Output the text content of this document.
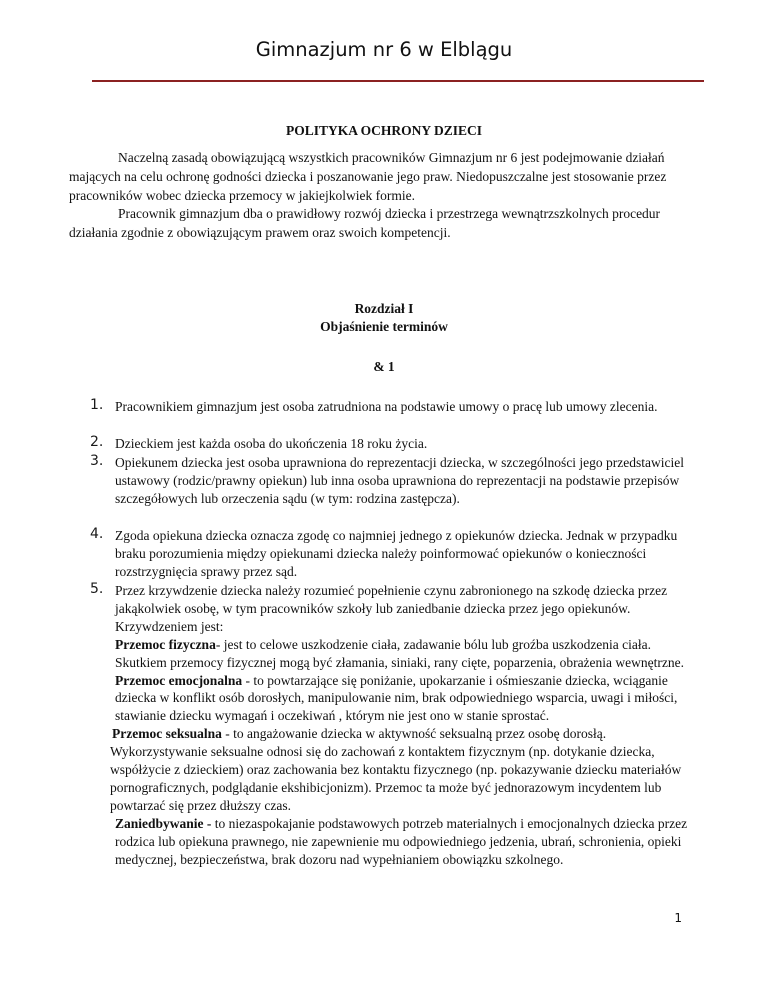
Gimnazjum nr 6 w Elblągu
POLITYKA OCHRONY DZIECI

Naczelną zasadą obowiązującą wszystkich pracowników Gimnazjum nr 6 jest podejmowanie działań mających na celu ochronę godności dziecka i poszanowanie jego praw. Niedopuszczalne jest stosowanie przez pracowników wobec dziecka przemocy w jakiejkolwiek formie.

Pracownik gimnazjum dba o prawidłowy rozwój dziecka i przestrzega wewnątrzszkolnych procedur działania zgodnie z obowiązującym prawem oraz swoich kompetencji.

Rozdział I
Objaśnienie terminów
& 1
1. Pracownikiem gimnazjum jest osoba zatrudniona na podstawie umowy o pracę lub umowy zlecenia.
2. Dzieckiem jest każda osoba do ukończenia 18 roku życia.
3. Opiekunem dziecka jest osoba uprawniona do reprezentacji dziecka, w szczególności jego przedstawiciel ustawowy (rodzic/prawny opiekun) lub inna osoba uprawniona do reprezentacji na podstawie przepisów szczegółowych lub orzeczenia sądu (w tym: rodzina zastępcza).
4. Zgoda opiekuna dziecka oznacza zgodę co najmniej jednego z opiekunów dziecka. Jednak w przypadku braku porozumienia między opiekunami dziecka należy poinformować opiekunów o konieczności rozstrzygnięcia sprawy przez sąd.
5. Przez krzywdzenie dziecka należy rozumieć popełnienie czynu zabronionego na szkodę dziecka przez jakąkolwiek osobę, w tym pracowników szkoły lub zaniedbanie dziecka przez jego opiekunów.
Krzywdzeniem jest:
Przemoc fizyczna- jest to celowe uszkodzenie ciała, zadawanie bólu lub groźba uszkodzenia ciała. Skutkiem przemocy fizycznej mogą być złamania, siniaki, rany cięte, poparzenia, obrażenia wewnętrzne.
Przemoc emocjonalna - to powtarzające się poniżanie, upokarzanie i ośmieszanie dziecka, wciąganie dziecka w konflikt osób dorosłych, manipulowanie nim, brak odpowiedniego wsparcia, uwagi i miłości, stawianie dziecku wymagań i oczekiwań , którym nie jest ono w stanie sprostać.
Przemoc seksualna - to angażowanie dziecka w aktywność seksualną przez osobę dorosłą.
Wykorzystywanie seksualne odnosi się do zachowań z kontaktem fizycznym (np. dotykanie dziecka, współżycie z dzieckiem) oraz zachowania bez kontaktu fizycznego (np. pokazywanie dziecku materiałów pornograficznych, podglądanie ekshibicjonizm). Przemoc ta może być jednorazowym incydentem lub powtarzać się przez dłuższy czas.
Zaniedbywanie - to niezaspokajanie podstawowych potrzeb materialnych i emocjonalnych dziecka przez rodzica lub opiekuna prawnego, nie zapewnienie mu odpowiedniego jedzenia, ubrań, schronienia, opieki medycznej, bezpieczeństwa, brak dozoru nad wypełnianiem obowiązku szkolnego.
1
